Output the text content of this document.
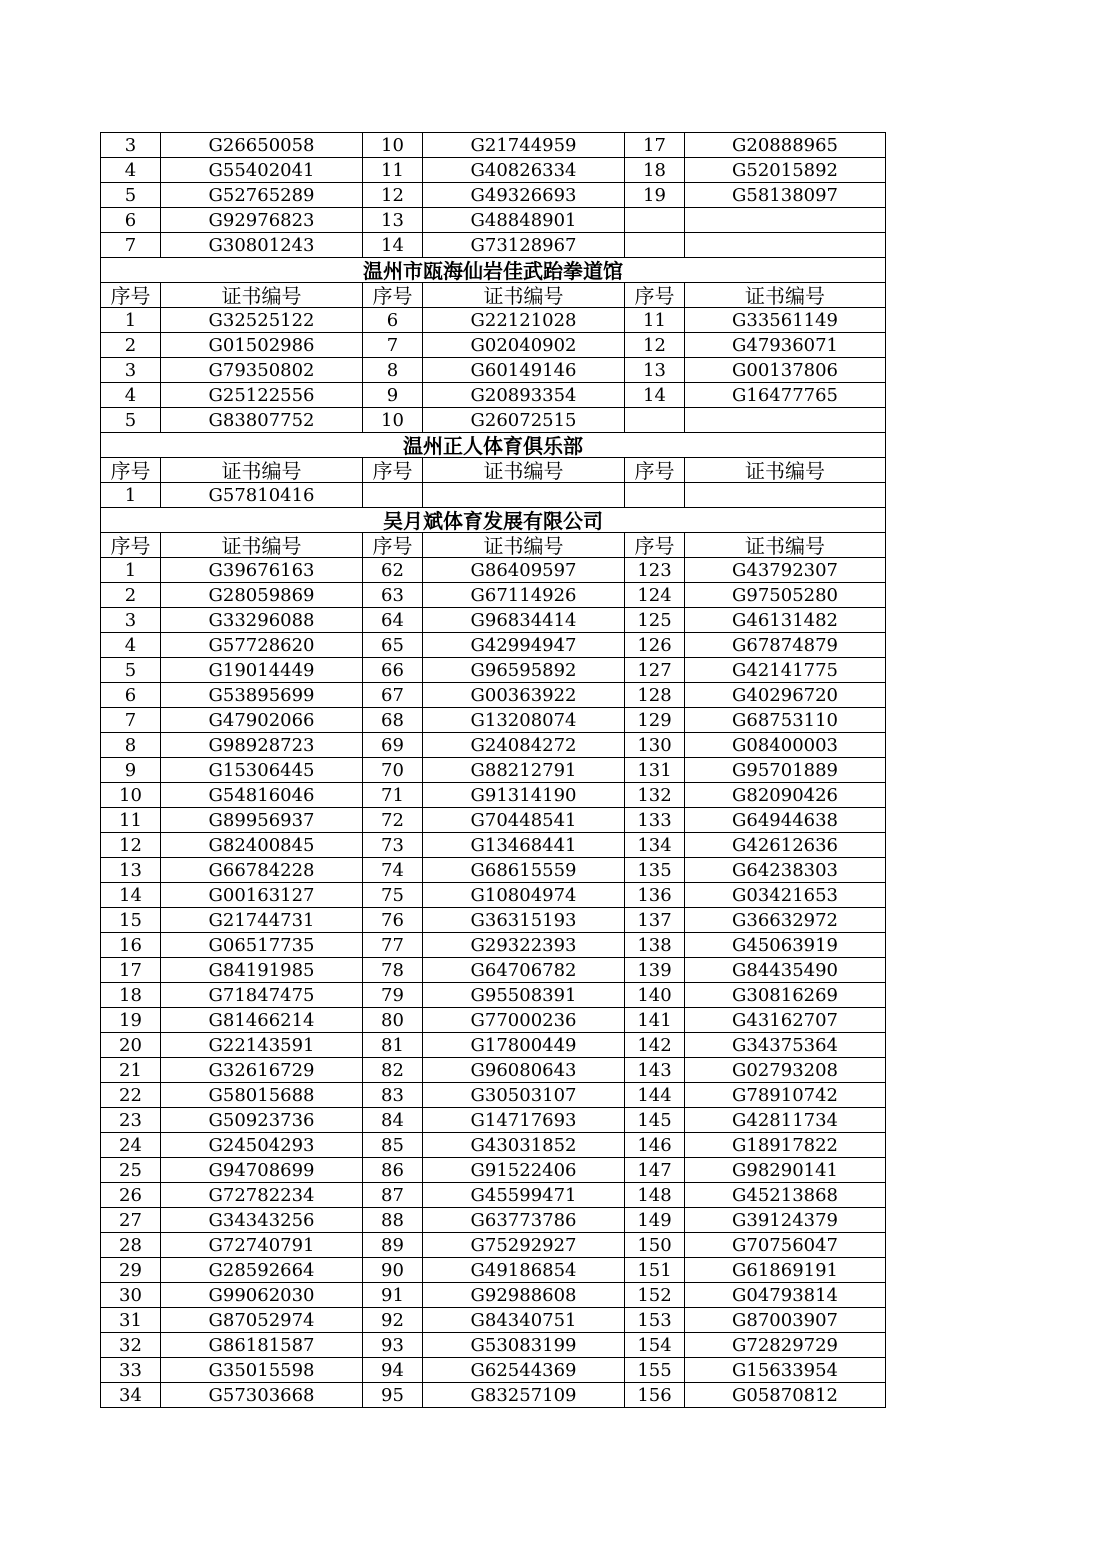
3	G26650058	10	G21744959	17	G20888965
4	G55402041	11	G40826334	18	G52015892
5	G52765289	12	G49326693	19	G58138097
6	G92976823	13	G48848901		
7	G30801243	14	G73128967		
温州市瓯海仙岩佳武跆拳道馆					
序号	证书编号	序号	证书编号	序号	证书编号
1	G32525122	6	G22121028	11	G33561149
2	G01502986	7	G02040902	12	G47936071
3	G79350802	8	G60149146	13	G00137806
4	G25122556	9	G20893354	14	G16477765
5	G83807752	10	G26072515		
温州正人体育俱乐部					
序号	证书编号	序号	证书编号	序号	证书编号
1	G57810416				
吴月斌体育发展有限公司					
序号	证书编号	序号	证书编号	序号	证书编号
1	G39676163	62	G86409597	123	G43792307
2	G28059869	63	G67114926	124	G97505280
3	G33296088	64	G96834414	125	G46131482
4	G57728620	65	G42994947	126	G67874879
5	G19014449	66	G96595892	127	G42141775
6	G53895699	67	G00363922	128	G40296720
7	G47902066	68	G13208074	129	G68753110
8	G98928723	69	G24084272	130	G08400003
9	G15306445	70	G88212791	131	G95701889
10	G54816046	71	G91314190	132	G82090426
11	G89956937	72	G70448541	133	G64944638
12	G82400845	73	G13468441	134	G42612636
13	G66784228	74	G68615559	135	G64238303
14	G00163127	75	G10804974	136	G03421653
15	G21744731	76	G36315193	137	G36632972
16	G06517735	77	G29322393	138	G45063919
17	G84191985	78	G64706782	139	G84435490
18	G71847475	79	G95508391	140	G30816269
19	G81466214	80	G77000236	141	G43162707
20	G22143591	81	G17800449	142	G34375364
21	G32616729	82	G96080643	143	G02793208
22	G58015688	83	G30503107	144	G78910742
23	G50923736	84	G14717693	145	G42811734
24	G24504293	85	G43031852	146	G18917822
25	G94708699	86	G91522406	147	G98290141
26	G72782234	87	G45599471	148	G45213868
27	G34343256	88	G63773786	149	G39124379
28	G72740791	89	G75292927	150	G70756047
29	G28592664	90	G49186854	151	G61869191
30	G99062030	91	G92988608	152	G04793814
31	G87052974	92	G84340751	153	G87003907
32	G86181587	93	G53083199	154	G72829729
33	G35015598	94	G62544369	155	G15633954
34	G57303668	95	G83257109	156	G05870812
